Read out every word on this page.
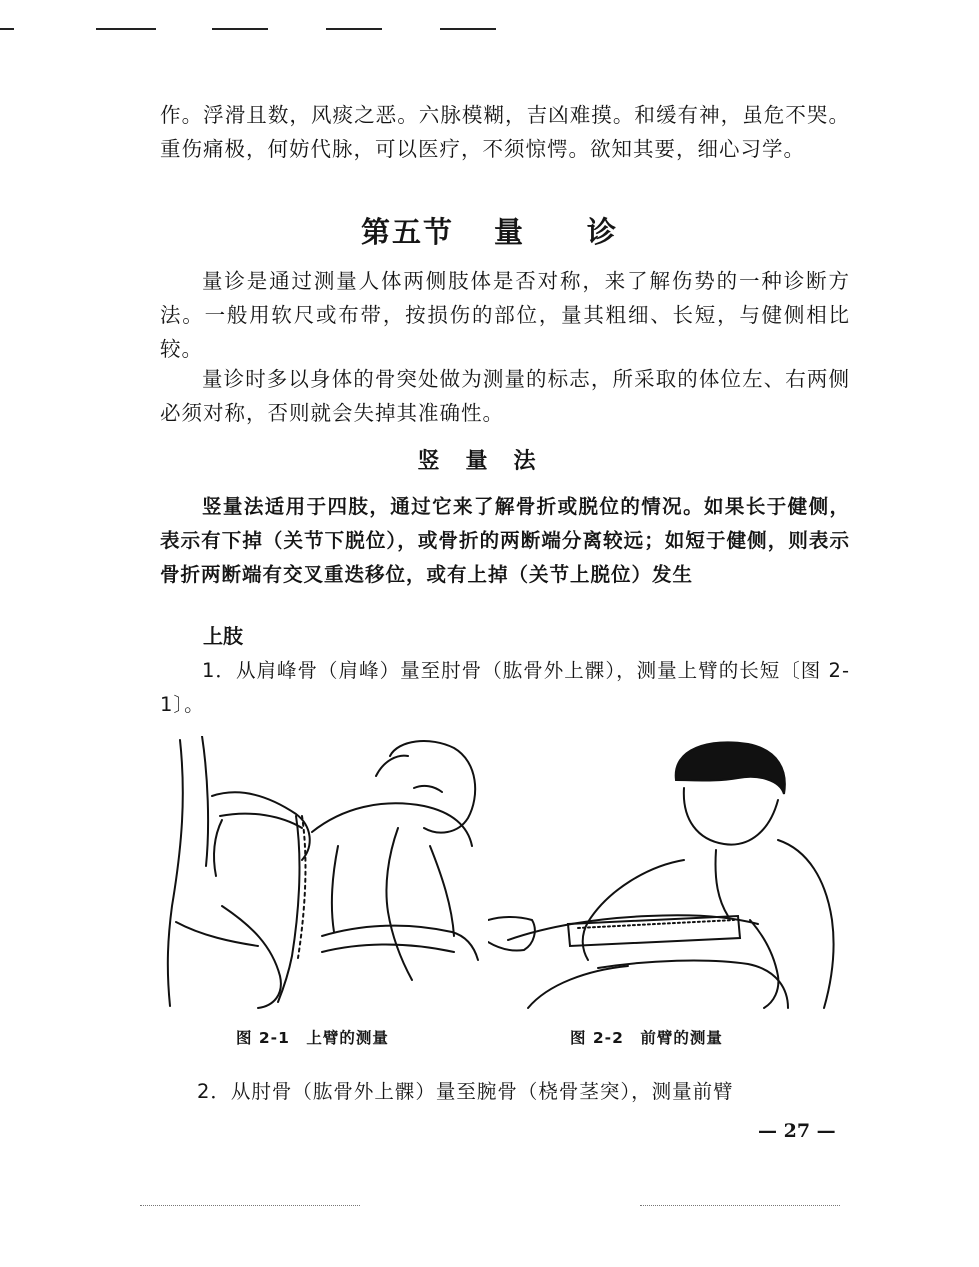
作。浮滑且数，风痰之恶。六脉模糊，吉凶难摸。和缓有神，虽危不哭。重伤痛极，何妨代脉，可以医疗，不须惊愕。欲知其要，细心习学。

第五节 量 诊

量诊是通过测量人体两侧肢体是否对称，来了解伤势的一种诊断方法。一般用软尺或布带，按损伤的部位，量其粗细、长短，与健侧相比较。

量诊时多以身体的骨突处做为测量的标志，所采取的体位左、右两侧必须对称，否则就会失掉其准确性。

竖量法

竖量法适用于四肢，通过它来了解骨折或脱位的情况。如果长于健侧，表示有下掉（关节下脱位），或骨折的两断端分离较远；如短于健侧，则表示骨折两断端有交叉重迭移位，或有上掉（关节上脱位）发生

上肢

1．从肩峰骨（肩峰）量至肘骨（肱骨外上髁），测量上臂的长短〔图 2-1〕。

图 2-1　上臂的测量	图 2-2　前臂的测量

2．从肘骨（肱骨外上髁）量至腕骨（桡骨茎突），测量前臂

— 27 —
